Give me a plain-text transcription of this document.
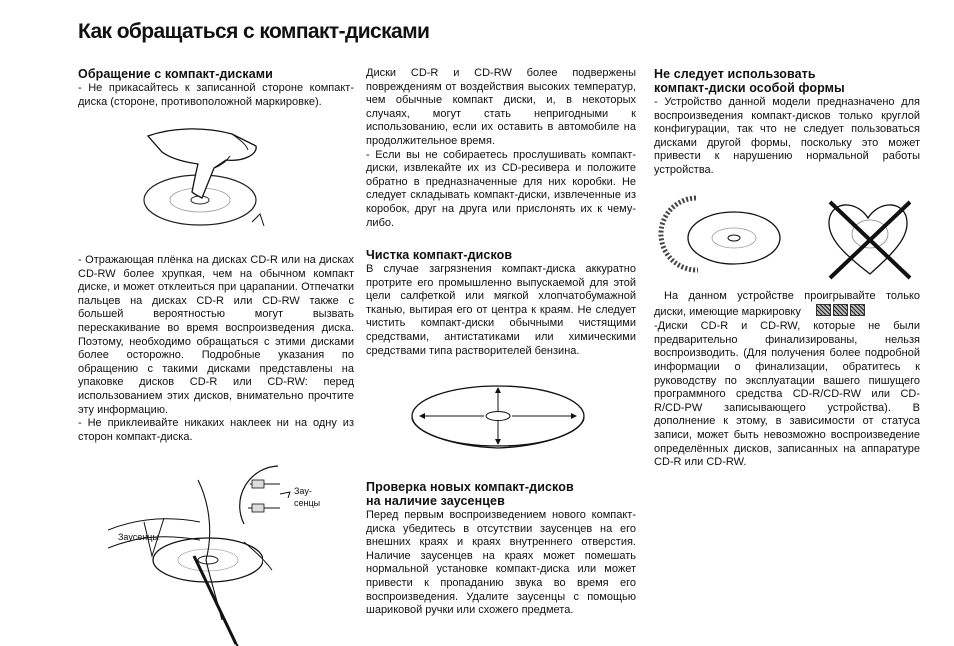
Как обращаться с компакт-дисками
Обращение с компакт-дисками

- Не прикасайтесь к записанной стороне компакт-диска (стороне, противоположной маркировке).

- Отражающая плёнка на дисках CD-R или на дисках CD-RW более хрупкая, чем на обычном компакт диске, и может отклеиться при царапании. Отпечатки пальцев на дисках CD-R или CD-RW также с большей вероятностью могут вызвать перескакивание во время воспроизведения диска. Поэтому, необходимо обращаться с этими дисками более осторожно. Подробные указания по обращению с такими дисками представлены на упаковке дисков CD-R или CD-RW: перед использованием этих дисков, внимательно прочтите эту информацию.

- Не приклеивайте никаких наклеек ни на одну из сторон компакт-диска.

Заусенцы
Зау-
сенцы

Диски CD-R и CD-RW более подвержены повреждениям от воздействия высоких температур, чем обычные компакт диски, и, в некоторых случаях, могут стать непригодными к использованию, если их оставить в автомобиле на продолжительное время.

- Если вы не собираетесь прослушивать компакт-диски, извлекайте их из CD-ресивера и положите обратно в предназначенные для них коробки. Не следует складывать компакт-диски, извлеченные из коробок, друг на друга или прислонять их к чему-либо.

Чистка компакт-дисков

В случае загрязнения компакт-диска аккуратно протрите его промышленно выпускаемой для этой цели салфеткой или мягкой хлопчатобумажной тканью, вытирая его от центра к краям. Не следует чистить компакт-диски обычными чистящими средствами, антистатиками или химическими средствами типа растворителей бензина.

Проверка новых компакт-дисков
на наличие заусенцев

Перед первым воспроизведением нового компакт-диска убедитесь в отсутствии заусенцев на его внешних краях и краях внутреннего отверстия. Наличие заусенцев на краях может помешать нормальной установке компакт-диска или может привести к пропаданию звука во время его воспроизведения. Удалите заусенцы с помощью шариковой ручки или схожего предмета.

Не следует использовать
компакт-диски особой формы

- Устройство данной модели предназначено для воспроизведения компакт-дисков только круглой конфигурации, так что не следует пользоваться дисками другой формы, поскольку это может привести к нарушению нормальной работы устройства.

На данном устройстве проигрывайте только диски, имеющие маркировку

-Диски CD-R и CD-RW, которые не были предварительно финализированы, нельзя воспроизводить. (Для получения более подробной информации о финализации, обратитесь к руководству по эксплуатации вашего пишущего программного средства CD-R/CD-RW или CD-R/CD-PW записывающего устройства). В дополнение к этому, в зависимости от статуса записи, может быть невозможно воспроизведение определённых дисков, записанных на аппаратуре CD-R или CD-RW.
